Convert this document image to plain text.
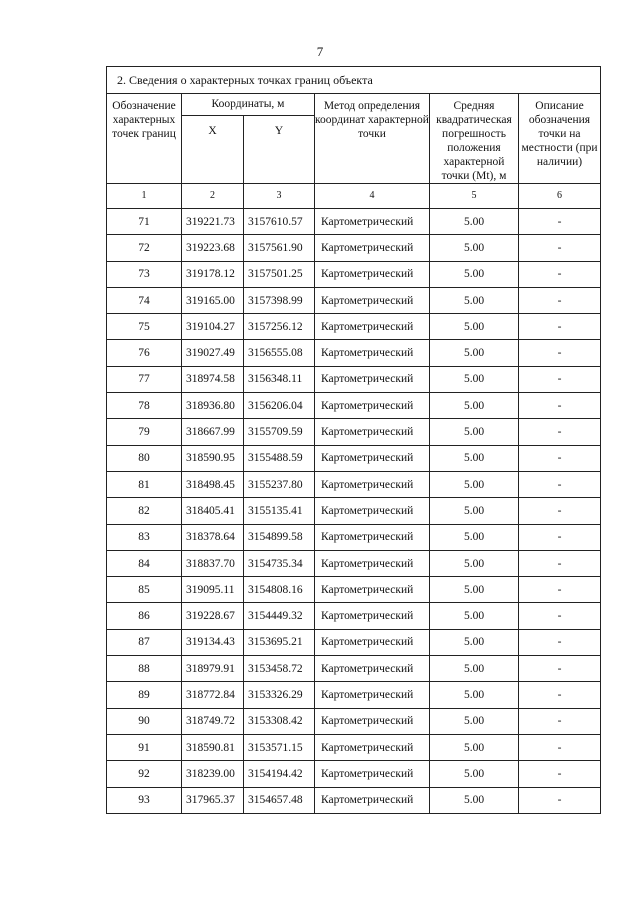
7
2. Сведения о характерных точках границ объекта					
Обозначение характерных точек границ	Координаты, м		Метод определения координат характерной точки	Средняя квадратическая погрешность положения характерной точки (Mt), м	Описание обозначения точки на местности (при наличии)
	X	Y			
1	2	3	4	5	6
71	319221.73	3157610.57	Картометрический	5.00	-
72	319223.68	3157561.90	Картометрический	5.00	-
73	319178.12	3157501.25	Картометрический	5.00	-
74	319165.00	3157398.99	Картометрический	5.00	-
75	319104.27	3157256.12	Картометрический	5.00	-
76	319027.49	3156555.08	Картометрический	5.00	-
77	318974.58	3156348.11	Картометрический	5.00	-
78	318936.80	3156206.04	Картометрический	5.00	-
79	318667.99	3155709.59	Картометрический	5.00	-
80	318590.95	3155488.59	Картометрический	5.00	-
81	318498.45	3155237.80	Картометрический	5.00	-
82	318405.41	3155135.41	Картометрический	5.00	-
83	318378.64	3154899.58	Картометрический	5.00	-
84	318837.70	3154735.34	Картометрический	5.00	-
85	319095.11	3154808.16	Картометрический	5.00	-
86	319228.67	3154449.32	Картометрический	5.00	-
87	319134.43	3153695.21	Картометрический	5.00	-
88	318979.91	3153458.72	Картометрический	5.00	-
89	318772.84	3153326.29	Картометрический	5.00	-
90	318749.72	3153308.42	Картометрический	5.00	-
91	318590.81	3153571.15	Картометрический	5.00	-
92	318239.00	3154194.42	Картометрический	5.00	-
93	317965.37	3154657.48	Картометрический	5.00	-
